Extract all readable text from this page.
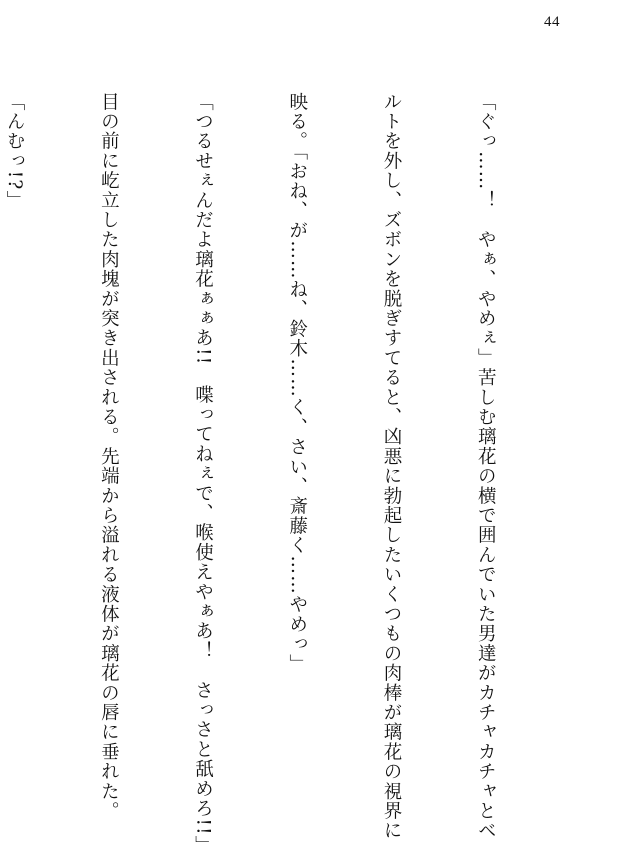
44

「ぐっ……！　やぁ、やめぇ」苦しむ璃花の横で囲んでいた男達がカチャカチャとベ

ルトを外し、ズボンを脱ぎすてると、凶悪に勃起したいくつもの肉棒が璃花の視界に

映る。「おね、が……ね、鈴木……く、さい、斎藤く……やめっ」

「つるせぇんだよ璃花ぁぁあ!!　喋ってねぇで、喉使えやぁあ！　さっさと舐めろ!!」

目の前に屹立した肉塊が突き出される。先端から溢れる液体が璃花の唇に垂れた。

「んむっ!?」
